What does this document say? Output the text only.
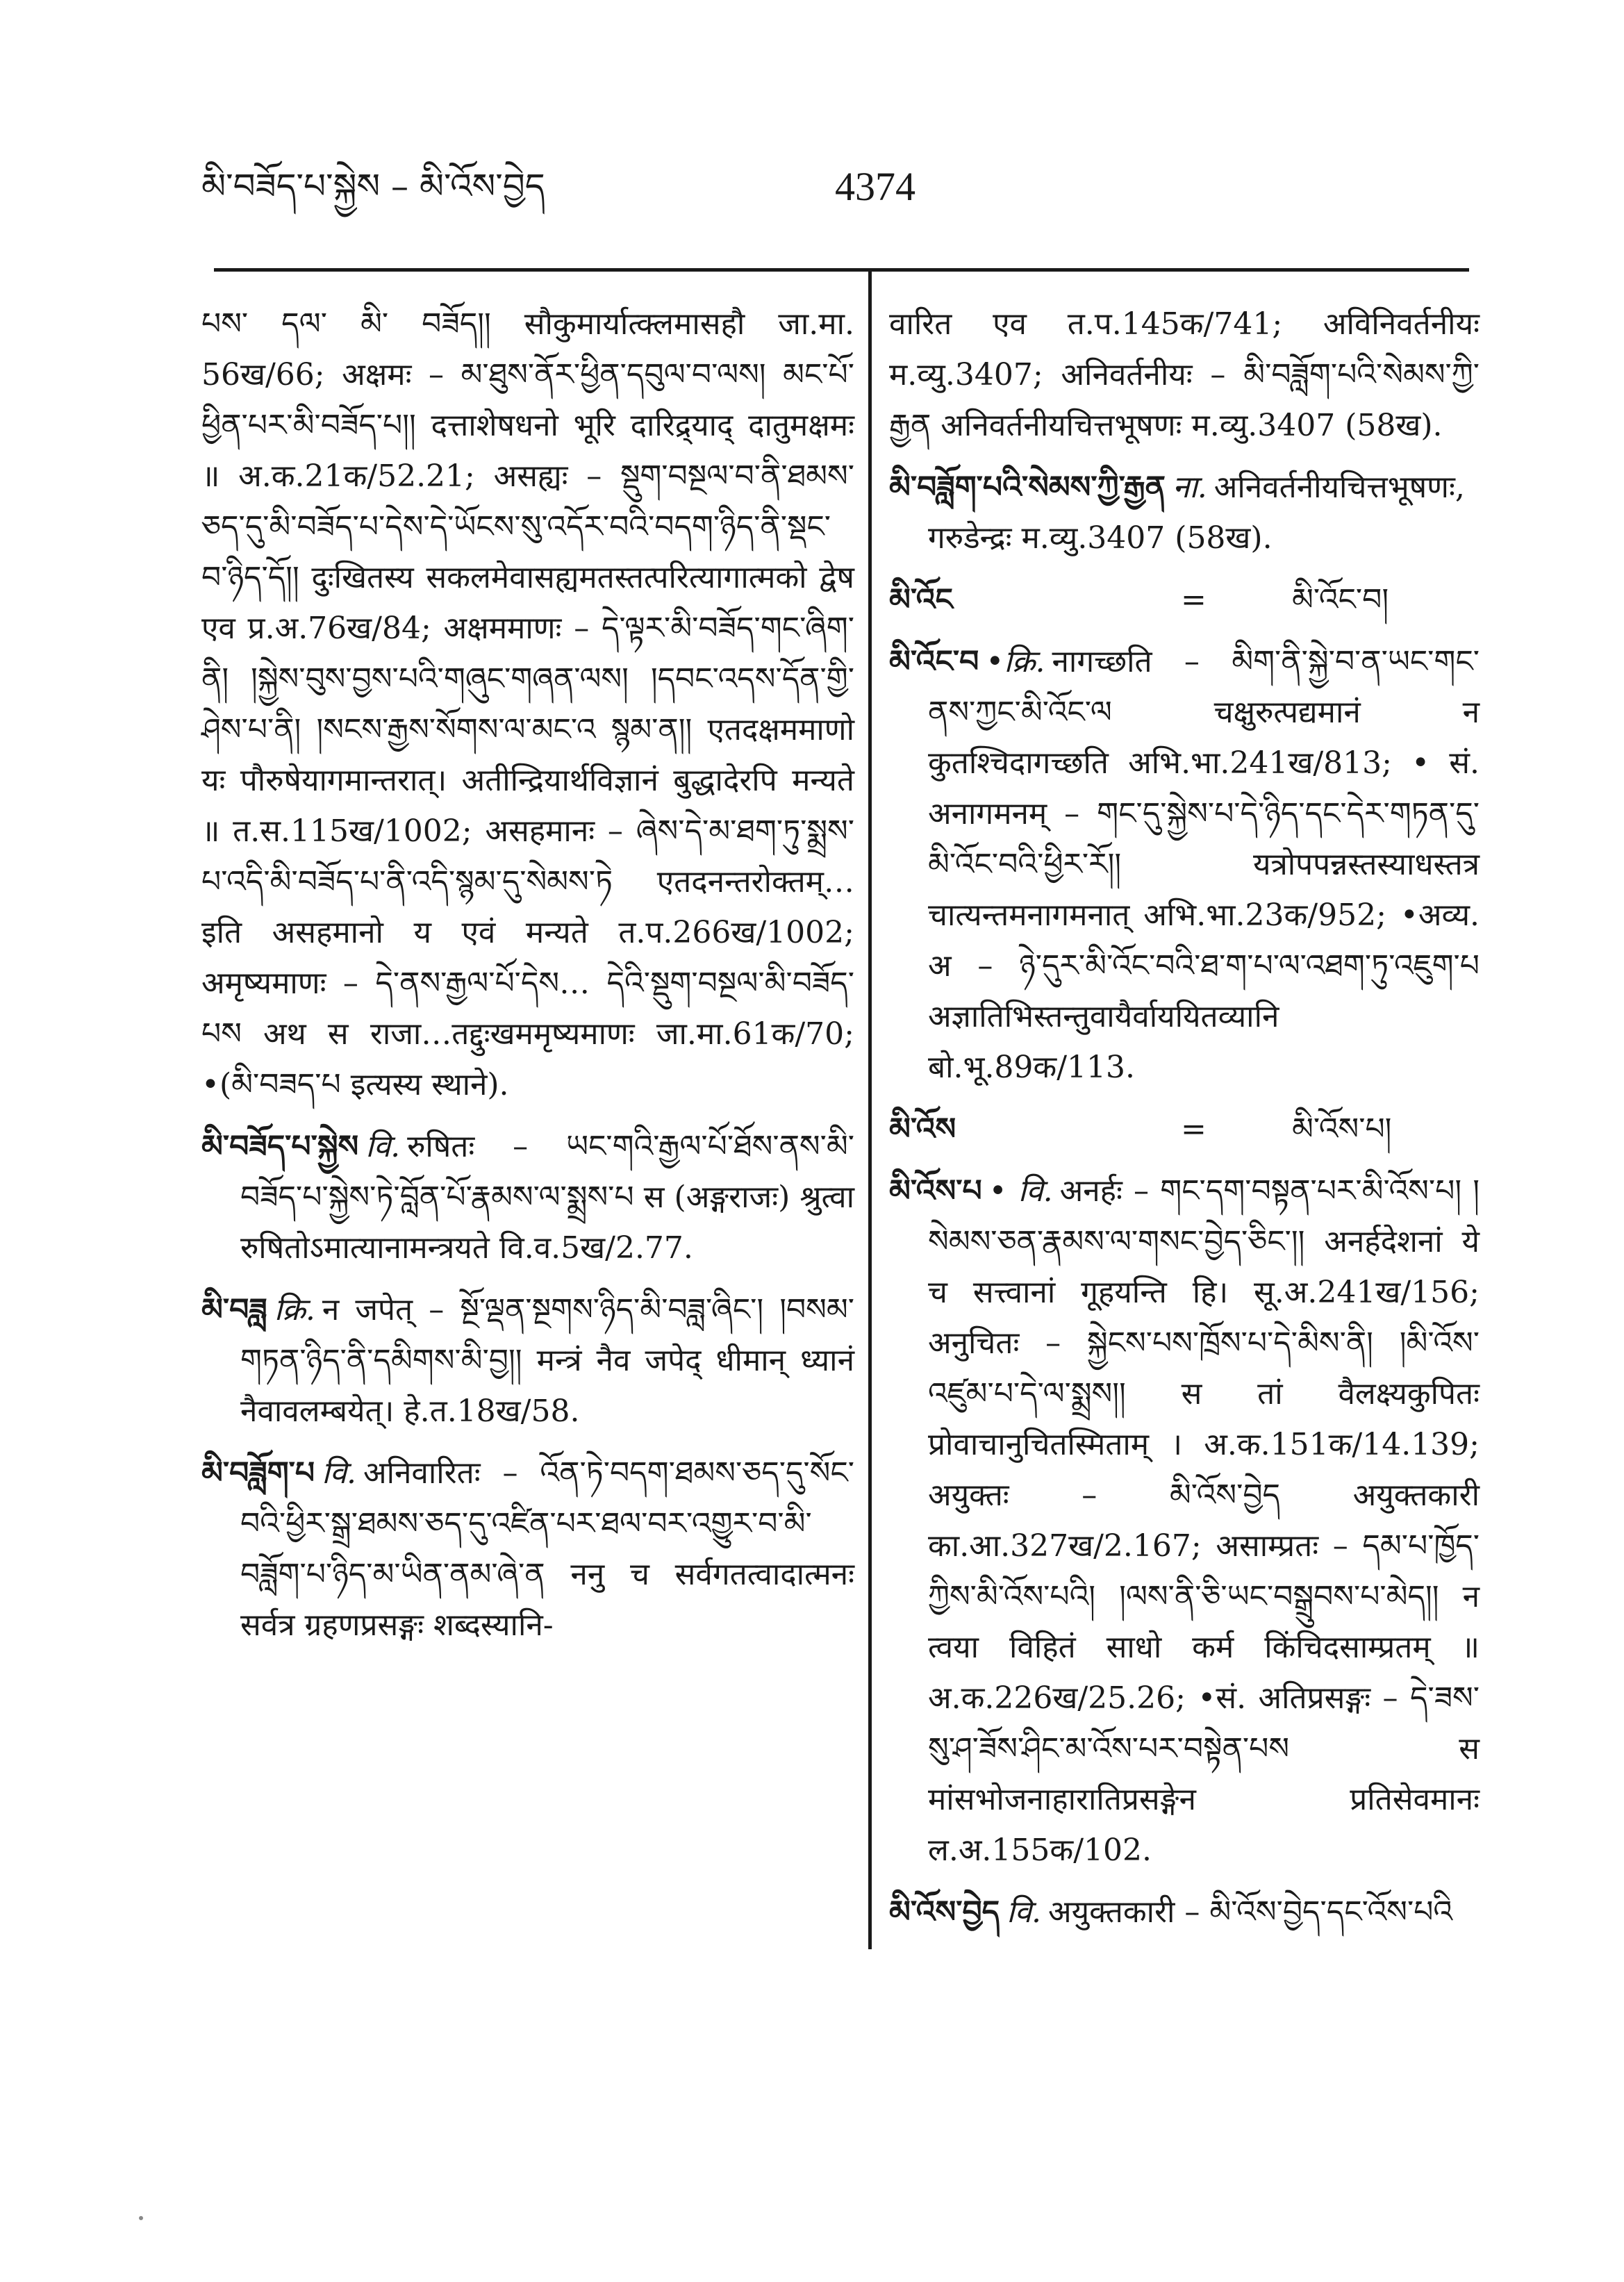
མི་བཟོད་པ་སྐྱེས – མི་འོས་བྱེད	4374

པས་ དལ་ མི་ བཟོད།། सौकुमार्यात्क्लमासहौ जा.मा. 56ख/66; अक्षमः – མ་ཐུས་ནོར་ཕྱིན་དབུལ་བ་ལས། མང་པོ་ཕྱིན་པར་མི་བཟོད་པ།། दत्ताशेषधनो भूरि दारिद्र्याद् दातुमक्षमः ॥ अ.क.21क/52.21; असह्यः – སྡུག་བསྔལ་བ་ནི་ཐམས་ཅད་དུ་མི་བཟོད་པ་དེས་དེ་ཡོངས་སུ་འདོར་བའི་བདག་ཉིད་ནི་སྡང་བ་ཉིད་དོ།། दुःखितस्य सकलमेवासह्यमतस्तत्परित्यागात्मको द्वेष एव प्र.अ.76ख/84; अक्षममाणः – དེ་ལྟར་མི་བཟོད་གང་ཞིག་ནི། །སྐྱེས་བུས་བྱས་པའི་གཞུང་གཞན་ལས། །དབང་འདས་དོན་གྱི་ཤེས་པ་ནི། །སངས་རྒྱས་སོགས་ལ་མང་འ སྙམ་ན།། एतदक्षममाणो यः पौरुषेयागमान्तरात्। अतीन्द्रियार्थविज्ञानं बुद्धादेरपि मन्यते ॥ त.स.115ख/1002; असहमानः – ཞེས་དེ་མ་ཐག་ཏུ་སྨྲས་པ་འདི་མི་བཟོད་པ་ནི་འདི་སྙམ་དུ་སེམས་ཏེ एतदनन्तरोक्तम्… इति असहमानो य एवं मन्यते त.प.266ख/1002; अमृष्यमाणः – དེ་ནས་རྒྱལ་པོ་དེས… དེའི་སྡུག་བསྔལ་མི་བཟོད་པས अथ स राजा…तद्दुःखममृष्यमाणः जा.मा.61क/70; •(མི་བཟད་པ इत्यस्य स्थाने).

མི་བཟོད་པ་སྐྱེས वि. रुषितः – ཡང་གའི་རྒྱལ་པོ་ཐོས་ནས་མི་བཟོད་པ་སྐྱེས་ཏེ་བློན་པོ་རྣམས་ལ་སྨྲས་པ स (अङ्गराजः) श्रुत्वा रुषितोऽमात्यानामन्त्रयते वि.व.5ख/2.77.

མི་བཟླ क्रि. न जपेत् – སྔོ་ལྡན་སྔགས་ཉིད་མི་བཟླ་ཞིང་། །བསམ་གཏན་ཉིད་ནི་དམིགས་མི་བྱ།། मन्त्रं नैव जपेद् धीमान् ध्यानं नैवावलम्बयेत्। हे.त.18ख/58.

མི་བཟློག་པ वि. अनिवारितः – འོན་ཏེ་བདག་ཐམས་ཅད་དུ་སོང་བའི་ཕྱིར་སྒྲ་ཐམས་ཅད་དུ་འཛིན་པར་ཐལ་བར་འགྱུར་བ་མི་བཟློག་པ་ཉིད་མ་ཡིན་ནམ་ཞེ་ན ननु च सर्वगतत्वादात्मनः सर्वत्र ग्रहणप्रसङ्गः शब्दस्यानि-

वारित एव त.प.145क/741; अविनिवर्तनीयः म.व्यु.3407; अनिवर्तनीयः – མི་བཟློག་པའི་སེམས་ཀྱི་རྒྱན अनिवर्तनीयचित्तभूषणः म.व्यु.3407 (58ख).

མི་བཟློག་པའི་སེམས་ཀྱི་རྒྱན ना. अनिवर्तनीयचित्तभूषणः, गरुडेन्द्रः म.व्यु.3407 (58ख).

མི་འོང	=	མི་འོང་བ།

མི་འོང་བ •क्रि. नागच्छति – མིག་ནི་སྐྱེ་བ་ན་ཡང་གང་ནས་ཀྱང་མི་འོང་ལ चक्षुरुत्पद्यमानं न कुतश्चिदागच्छति अभि.भा.241ख/813; • सं. अनागमनम् – གང་དུ་སྐྱེས་པ་དེ་ཉིད་དང་དེར་གཏན་དུ་མི་འོང་བའི་ཕྱིར་རོ།། यत्रोपपन्नस्तस्याधस्तत्र चात्यन्तमनागमनात् अभि.भा.23क/952; •अव्य. अ – ཉེ་དུར་མི་འོང་བའི་ཐ་ག་པ་ལ་འཐག་ཏུ་འཇུག་པ अज्ञातिभिस्तन्तुवायैर्वाययितव्यानि बो.भू.89क/113.

མི་འོས	=	མི་འོས་པ།

མི་འོས་པ • वि. अनर्हः – གང་དག་བསྟན་པར་མི་འོས་པ། །སེམས་ཅན་རྣམས་ལ་གསང་བྱེད་ཅིང་།། अनर्हदेशनां ये च सत्त्वानां गूहयन्ति हि। सू.अ.241ख/156; अनुचितः – སྐྱེངས་པས་ཁྲོས་པ་དེ་མིས་ནི། །མི་འོས་འཛུམ་པ་དེ་ལ་སྨྲས།། स तां वैलक्ष्यकुपितः प्रोवाचानुचितस्मिताम् । अ.क.151क/14.139; अयुक्तः – མི་འོས་བྱེད अयुक्तकारी का.आ.327ख/2.167; असाम्प्रतः – དམ་པ་ཁྱོད་ཀྱིས་མི་འོས་པའི། །ལས་ནི་ཅི་ཡང་བསྒྲུབས་པ་མེད།། न त्वया विहितं साधो कर्म किंचिदसाम्प्रतम् ॥ अ.क.226ख/25.26; •सं. अतिप्रसङ्गः – དེ་ཟས་སུ་ཤ་ཟོས་ཤིང་མ་འོས་པར་བསྟེན་པས स मांसभोजनाहारातिप्रसङ्गेन प्रतिसेवमानः ल.अ.155क/102.

མི་འོས་བྱེད वि. अयुक्तकारी – མི་འོས་བྱེད་དང་འོས་པའི
